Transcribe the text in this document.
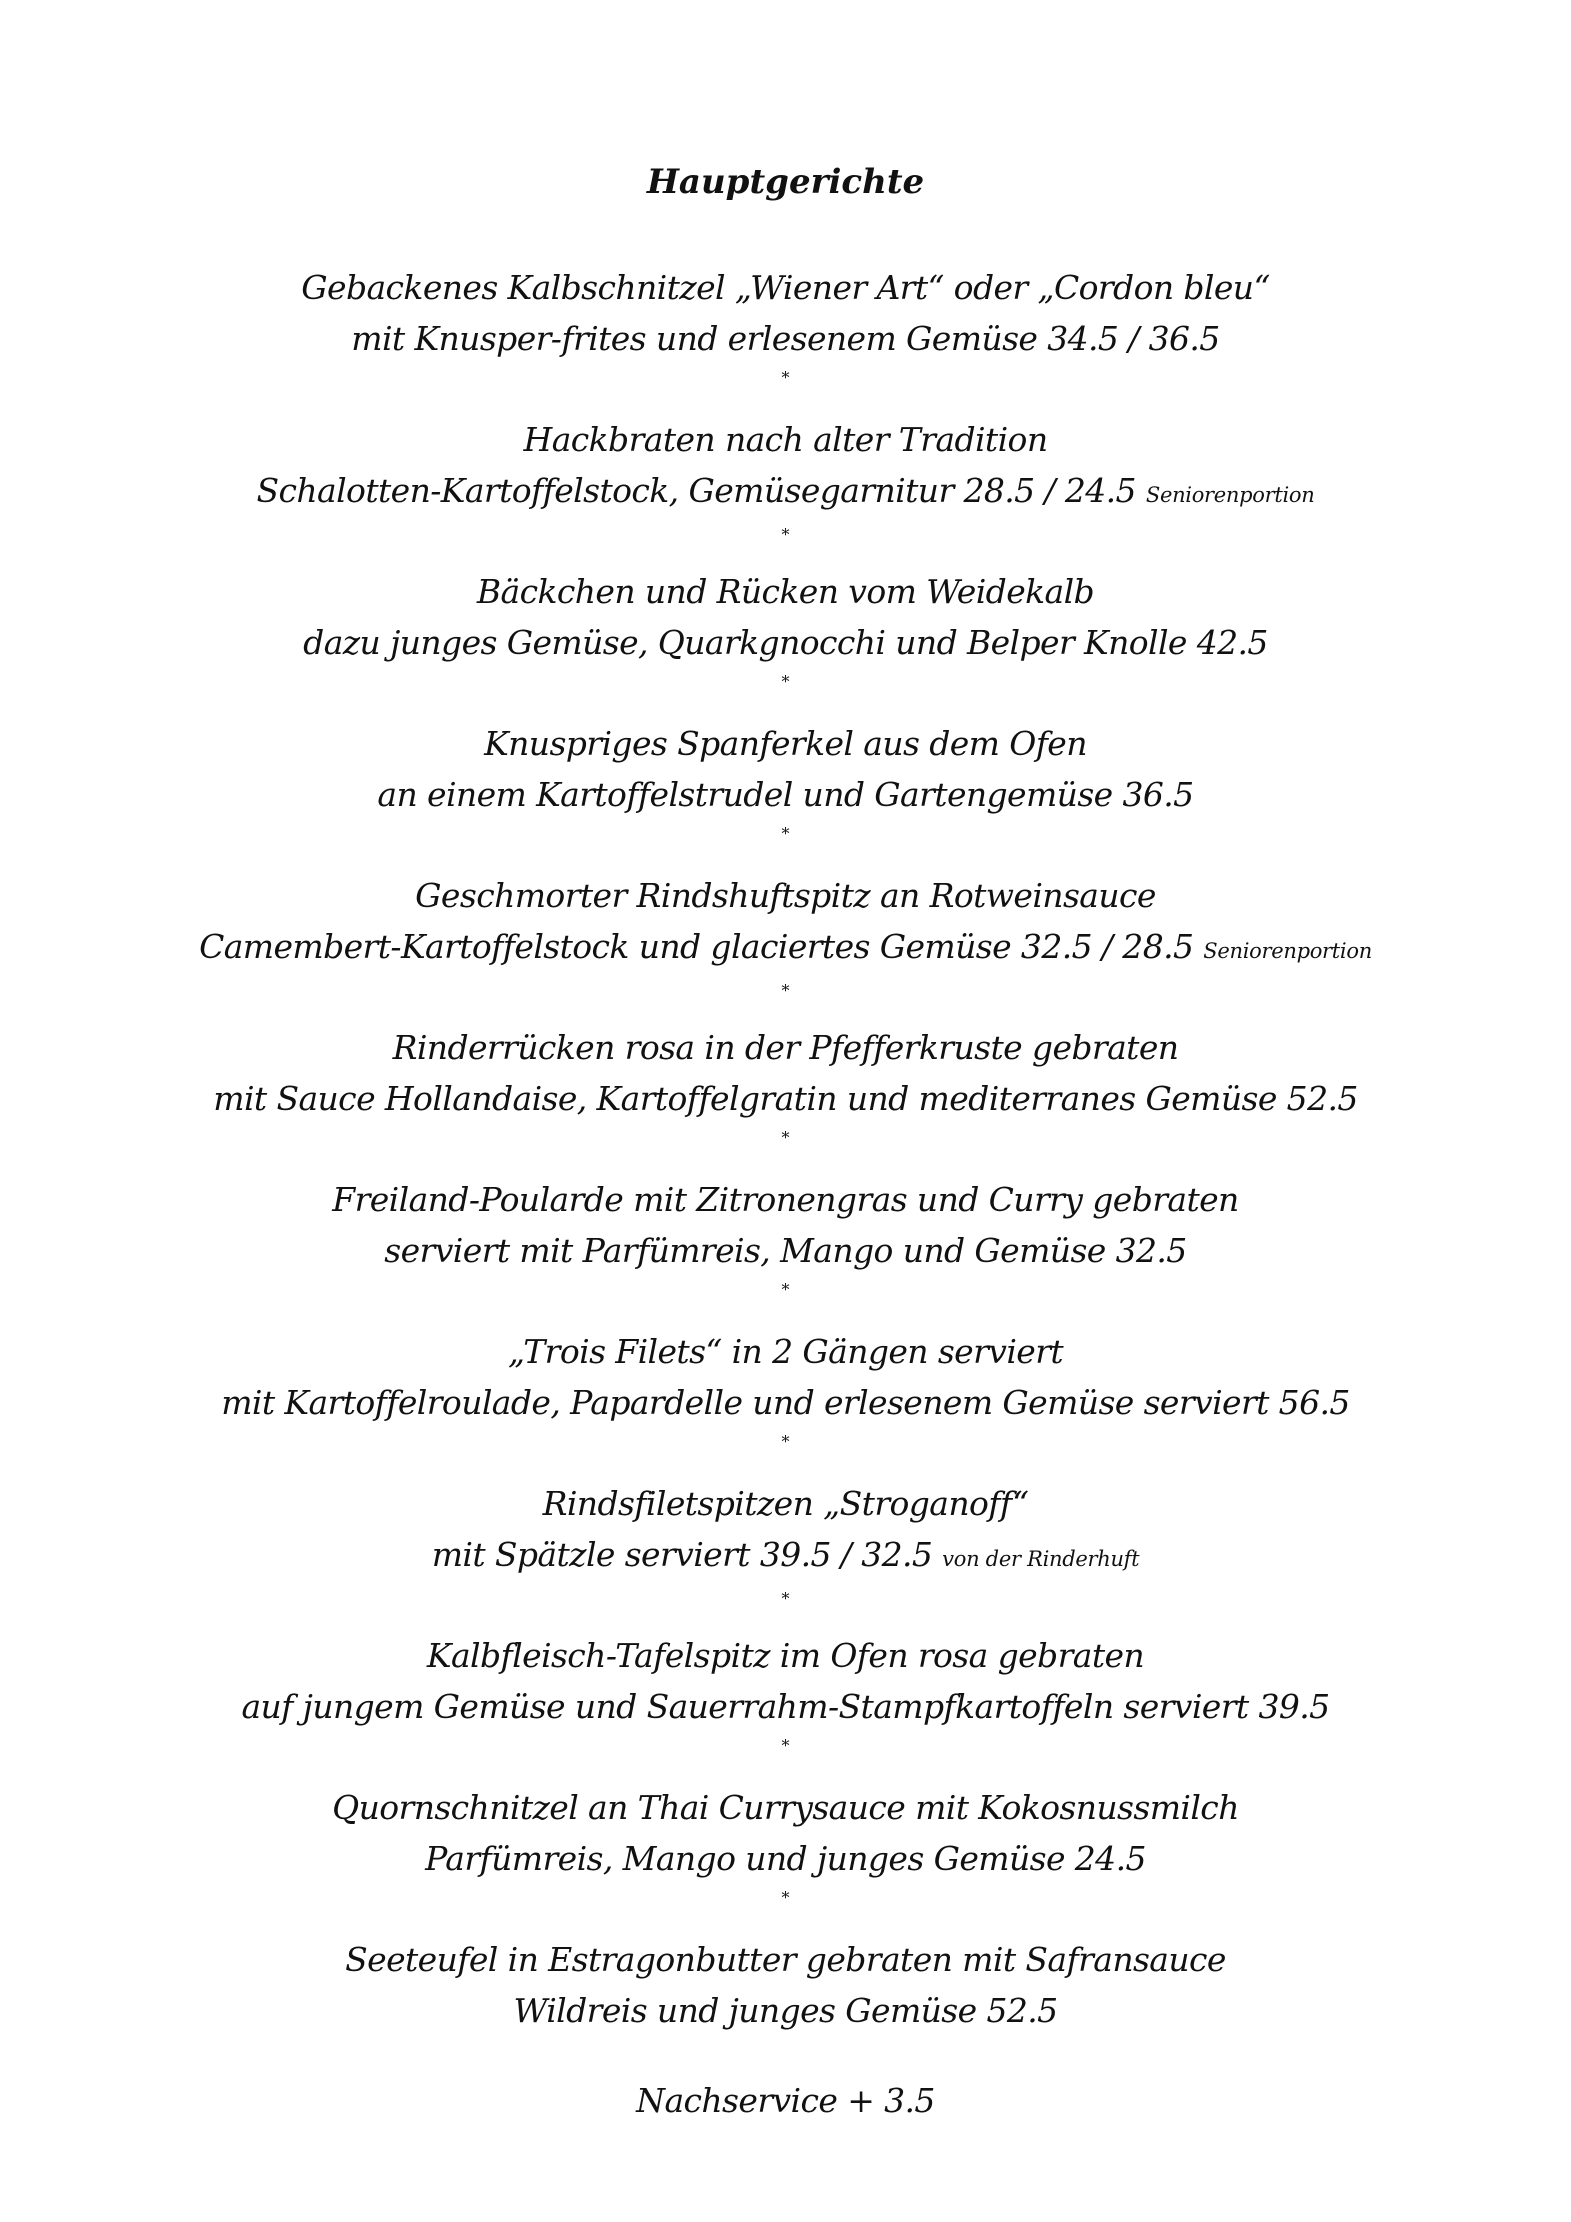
Hauptgerichte
Gebackenes Kalbschnitzel „Wiener Art“ oder „Cordon bleu“
mit Knusper-frites und erlesenem Gemüse 34.5 / 36.5
*
Hackbraten nach alter Tradition
Schalotten-Kartoffelstock, Gemüsegarnitur 28.5 / 24.5 Seniorenportion
*
Bäckchen und Rücken vom Weidekalb
dazu junges Gemüse, Quarkgnocchi und Belper Knolle 42.5
*
Knuspriges Spanferkel aus dem Ofen
an einem Kartoffelstrudel und Gartengemüse 36.5
*
Geschmorter Rindshuftspitz an Rotweinsauce
Camembert-Kartoffelstock und glaciertes Gemüse 32.5 / 28.5 Seniorenportion
*
Rinderrücken rosa in der Pfefferkruste gebraten
mit Sauce Hollandaise, Kartoffelgratin und mediterranes Gemüse 52.5
*
Freiland-Poularde mit Zitronengras und Curry gebraten
serviert mit Parfümreis, Mango und Gemüse 32.5
*
„Trois Filets“ in 2 Gängen serviert
mit Kartoffelroulade, Papardelle und erlesenem Gemüse serviert 56.5
*
Rindsfiletspitzen „Stroganoff“
mit Spätzle serviert 39.5 / 32.5 von der Rinderhuft
*
Kalbfleisch-Tafelspitz im Ofen rosa gebraten
auf jungem Gemüse und Sauerrahm-Stampfkartoffeln serviert 39.5
*
Quornschnitzel an Thai Currysauce mit Kokosnussmilch
Parfümreis, Mango und junges Gemüse 24.5
*
Seeteufel in Estragonbutter gebraten mit Safransauce
Wildreis und junges Gemüse 52.5
Nachservice + 3.5
